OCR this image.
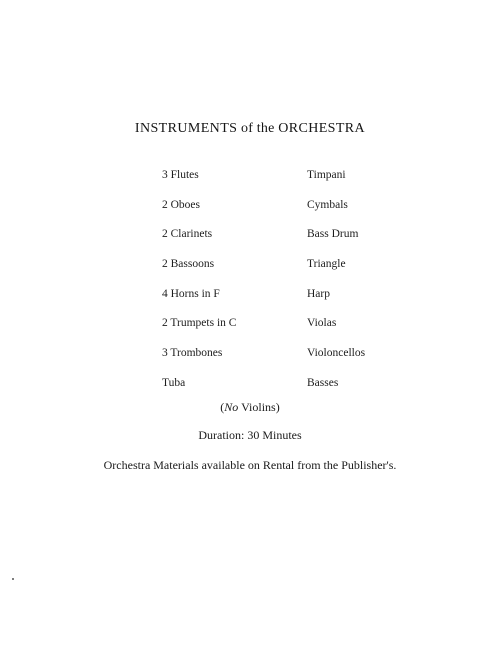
INSTRUMENTS of the ORCHESTRA
3 Flutes
2 Oboes
2 Clarinets
2 Bassoons
4 Horns in F
2 Trumpets in C
3 Trombones
Tuba
Timpani
Cymbals
Bass Drum
Triangle
Harp
Violas
Violoncellos
Basses
(No Violins)
Duration: 30 Minutes
Orchestra Materials available on Rental from the Publisher's.
